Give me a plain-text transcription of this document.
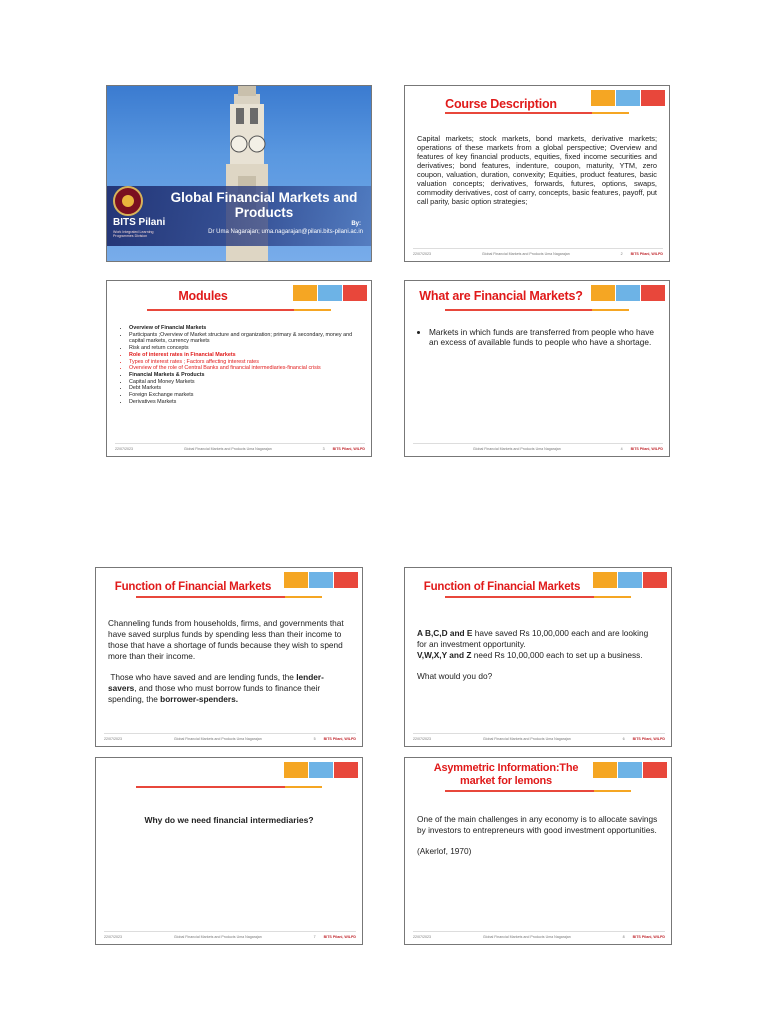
BITS Pilani
Work Integrated Learning Programmes Division
Global Financial Markets and Products
By:
Dr Uma Nagarajan; uma.nagarajan@pilani.bits-pilani.ac.in
Course Description
Capital markets; stock markets, bond markets, derivative markets; operations of these markets from a global perspective; Overview and features of key financial products, equities, fixed income securities and derivatives; bond features, indenture, coupon, maturity, YTM, zero coupon, valuation, duration, convexity; Equities, product features, basic valuation concepts; derivatives, forwards, futures, options, swaps, commodity derivatives, cost of carry, concepts, basic features, payoff, put call parity, basic option strategies;
22/07/2023	Global Financial Markets and Products Uma Nagarajan	2 BITS Pilani, WILPD
Modules
• Overview of Financial Markets
• Participants ;Overview of Market structure and organization; primary & secondary, money and capital markets, currency markets
• Risk and return concepts
• Role of interest rates in Financial Markets
• Types of interest rates ; Factors affecting interest rates
• Overview of the role of Central Banks and financial intermediaries-financial crisis
• Financial Markets & Products
• Capital and Money Markets
• Debt Markets
• Foreign Exchange markets
• Derivatives Markets
22/07/2023	Global Financial Markets and Products Uma Nagarajan	3 BITS Pilani, WILPD
What are Financial Markets?
• Markets in which funds are transferred from people who have an excess of available funds to people who have a shortage.
Global Financial Markets and Products Uma Nagarajan	4 BITS Pilani, WILPD
Function of Financial Markets
Channeling funds from households, firms, and governments that have saved surplus funds by spending less than their income to those that have a shortage of funds because they wish to spend more than their income.
Those who have saved and are lending funds, the lender-savers, and those who must borrow funds to finance their spending, the borrower-spenders.
22/07/2023	Global Financial Markets and Products Uma Nagarajan	5 BITS Pilani, WILPD
Function of Financial Markets
A B,C,D and E have saved Rs 10,00,000 each and are looking for an investment opportunity.
V,W,X,Y and Z need Rs 10,00,000 each to set up a business.
What would you do?
22/07/2023	Global Financial Markets and Products Uma Nagarajan	6 BITS Pilani, WILPD
Why do we need financial intermediaries?
22/07/2023	Global Financial Markets and Products Uma Nagarajan	7 BITS Pilani, WILPD
Asymmetric Information:The market for lemons
One of the main challenges in any economy is to allocate savings by investors to entrepreneurs with good investment opportunities.
(Akerlof, 1970)
22/07/2023	Global Financial Markets and Products Uma Nagarajan	8 BITS Pilani, WILPD
